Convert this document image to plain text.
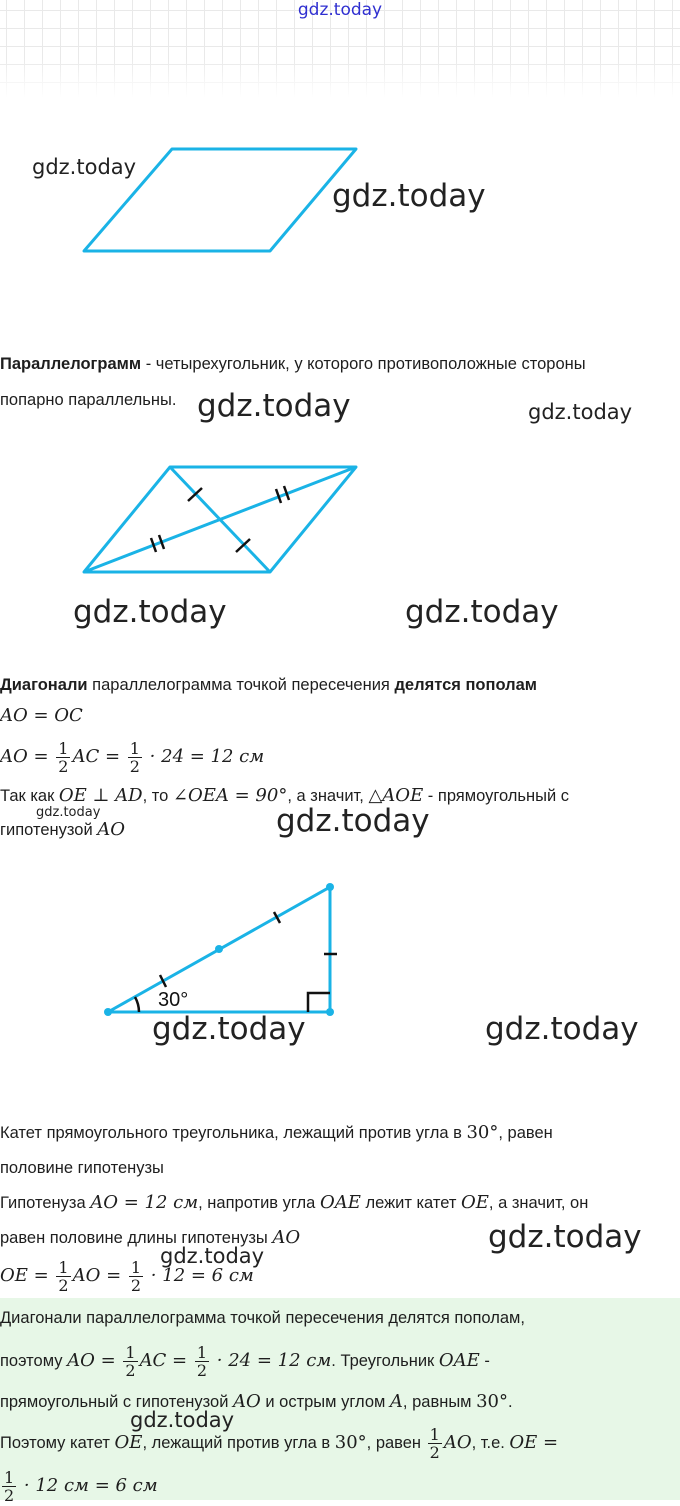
gdz.today
gdz.today
gdz.today
Параллелограмм - четырехугольник, у которого противоположные стороны
попарно параллельны. gdz.today	gdz.today
gdz.today	gdz.today
Диагонали параллелограмма точкой пересечения делятся пополам
AO = OC
AO = $\frac{1}{2}$ AC = $\frac{1}{2} \cdot 24 = 12$ см
Так как OE ⊥ AD, то ∠OEA = 90°, а значит, △AOE - прямоугольный с
gdz.today
гипотенузой AO	gdz.today
30°
gdz.today	gdz.today
Катет прямоугольного треугольника, лежащий против угла в 30°, равен
половине гипотенузы
Гипотенуза AO = 12 см, напротив угла OAE лежит катет OE, а значит, он
равен половине длины гипотенузы AO	gdz.today
gdz.today
OE = $\frac{1}{2}$ AO = $\frac{1}{2} \cdot 12 = 6$ см
Диагонали параллелограмма точкой пересечения делятся пополам,
поэтому AO = $\frac{1}{2}$ AC = $\frac{1}{2} \cdot 24 = 12$ см. Треугольник OAE -
прямоугольный с гипотенузой AO и острым углом A, равным 30°.
gdz.today
Поэтому катет OE, лежащий против угла в 30°, равен $\frac{1}{2}$ AO, т.е. OE =
$\frac{1}{2} \cdot 12$ см = 6 см
